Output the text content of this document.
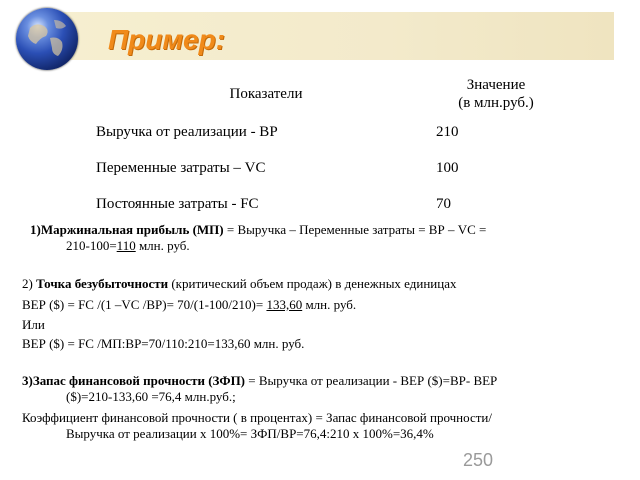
Пример:
Показатели	Значение
(в млн.руб.)
Выручка от реализации - ВР	210
Переменные затраты – VC	100
Постоянные затраты - FC	70
1)Маржинальная прибыль (МП) = Выручка – Переменные затраты = ВР – VC =
210-100=110 млн. руб.
2) Точка безубыточности (критический объем продаж) в денежных единицах
ВЕР ($) = FC /(1 –VC /ВР)= 70/(1-100/210)= 133,60 млн. руб.
Или
ВЕР ($) = FC /МП:ВР=70/110:210=133,60 млн. руб.
3)Запас финансовой прочности (ЗФП) = Выручка от реализации - ВЕР ($)=ВР- ВЕР
($)=210-133,60 =76,4 млн.руб.;
Коэффициент финансовой прочности ( в процентах) = Запас финансовой прочности/
Выручка от реализации х 100%= ЗФП/ВР=76,4:210 х 100%=36,4%
250
